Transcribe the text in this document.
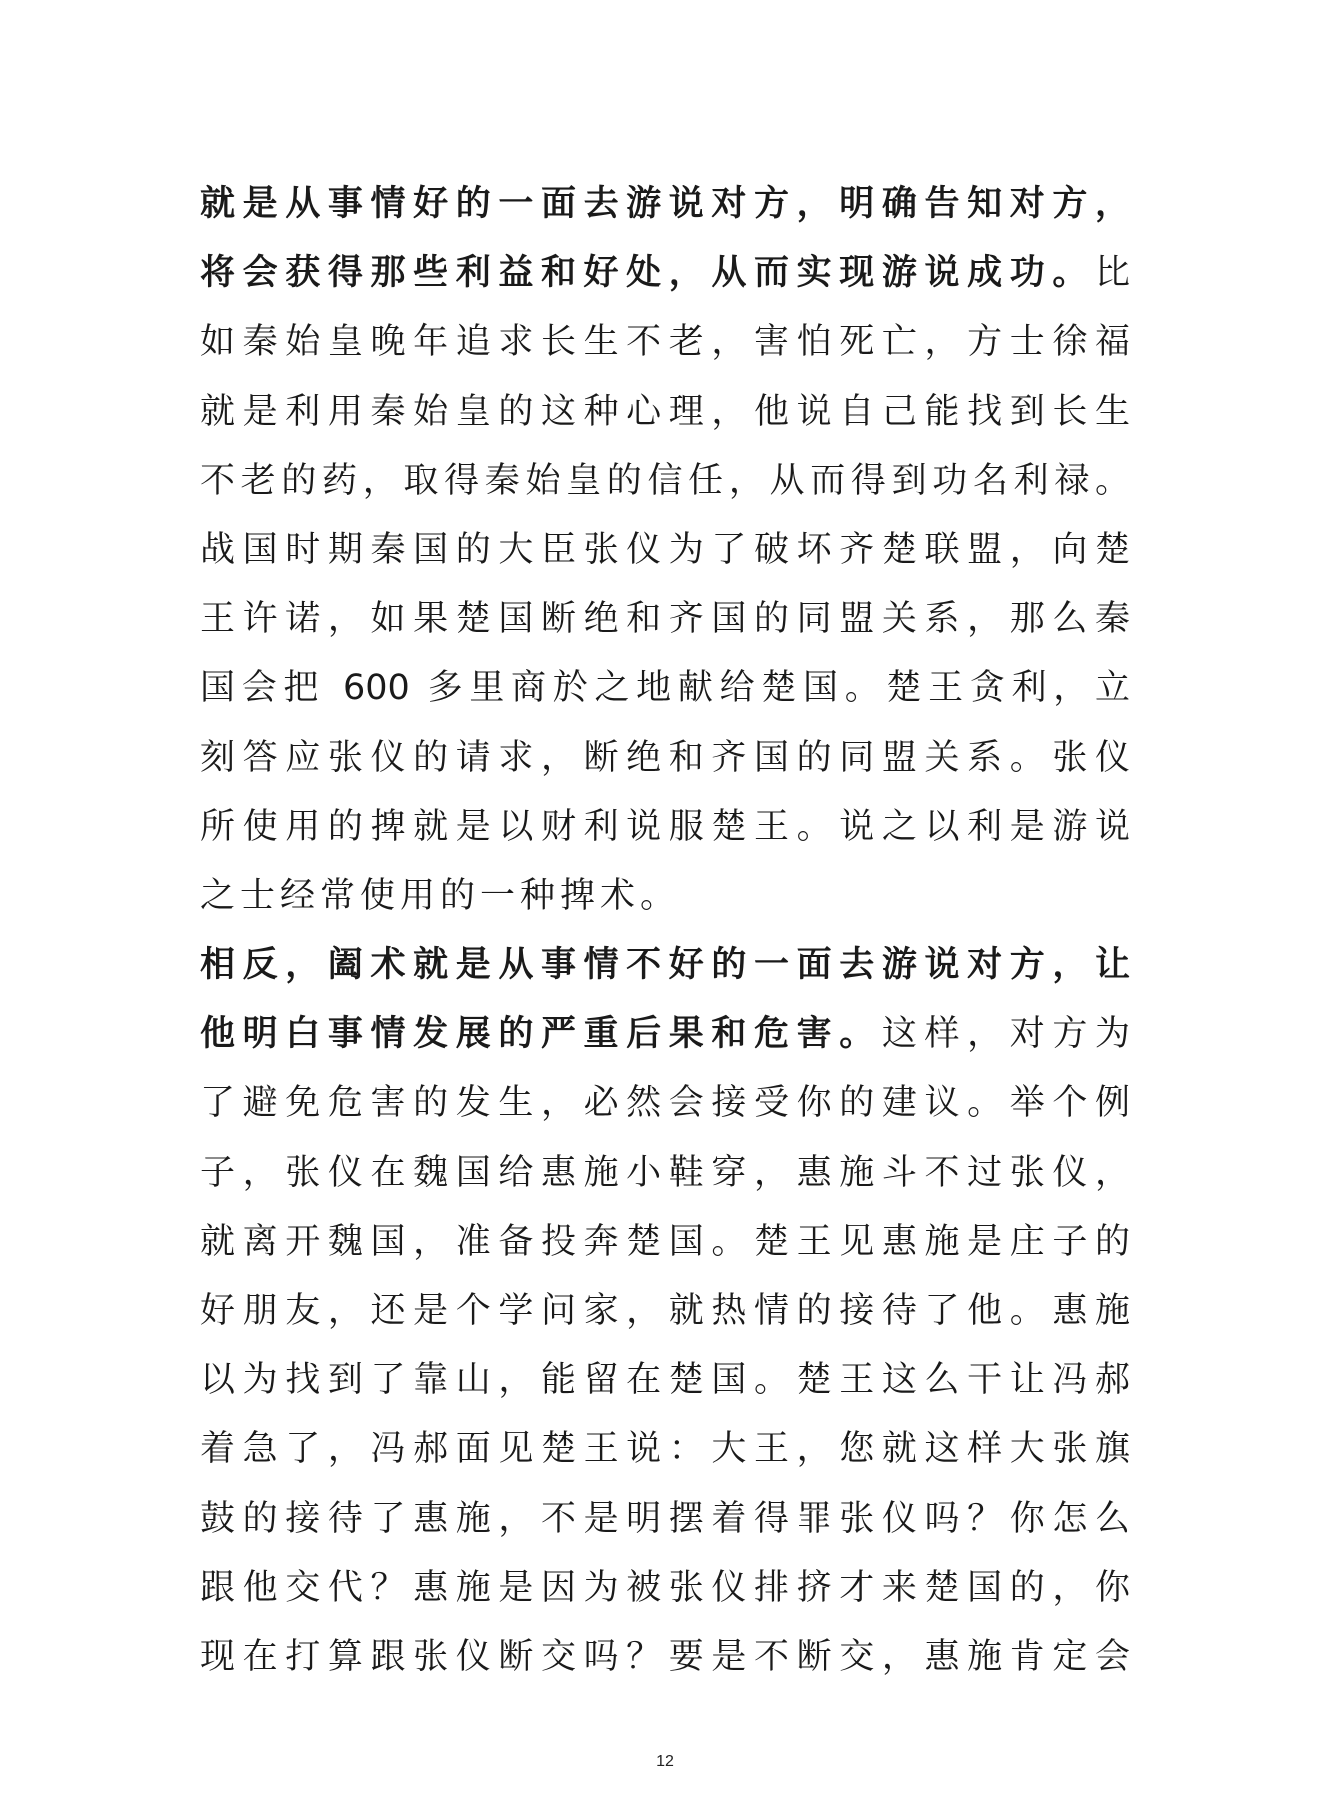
就是从事情好的一面去游说对方，明确告知对方，
将会获得那些利益和好处，从而实现游说成功。比
如秦始皇晚年追求长生不老，害怕死亡，方士徐福
就是利用秦始皇的这种心理，他说自己能找到长生
不老的药，取得秦始皇的信任，从而得到功名利禄。
战国时期秦国的大臣张仪为了破坏齐楚联盟，向楚
王许诺，如果楚国断绝和齐国的同盟关系，那么秦
国会把 600 多里商於之地献给楚国。楚王贪利，立
刻答应张仪的请求，断绝和齐国的同盟关系。张仪
所使用的捭就是以财利说服楚王。说之以利是游说
之士经常使用的一种捭术。
相反，阖术就是从事情不好的一面去游说对方，让
他明白事情发展的严重后果和危害。这样，对方为
了避免危害的发生，必然会接受你的建议。举个例
子，张仪在魏国给惠施小鞋穿，惠施斗不过张仪，
就离开魏国，准备投奔楚国。楚王见惠施是庄子的
好朋友，还是个学问家，就热情的接待了他。惠施
以为找到了靠山，能留在楚国。楚王这么干让冯郝
着急了，冯郝面见楚王说：大王，您就这样大张旗
鼓的接待了惠施，不是明摆着得罪张仪吗？你怎么
跟他交代？惠施是因为被张仪排挤才来楚国的，你
现在打算跟张仪断交吗？要是不断交，惠施肯定会
12
